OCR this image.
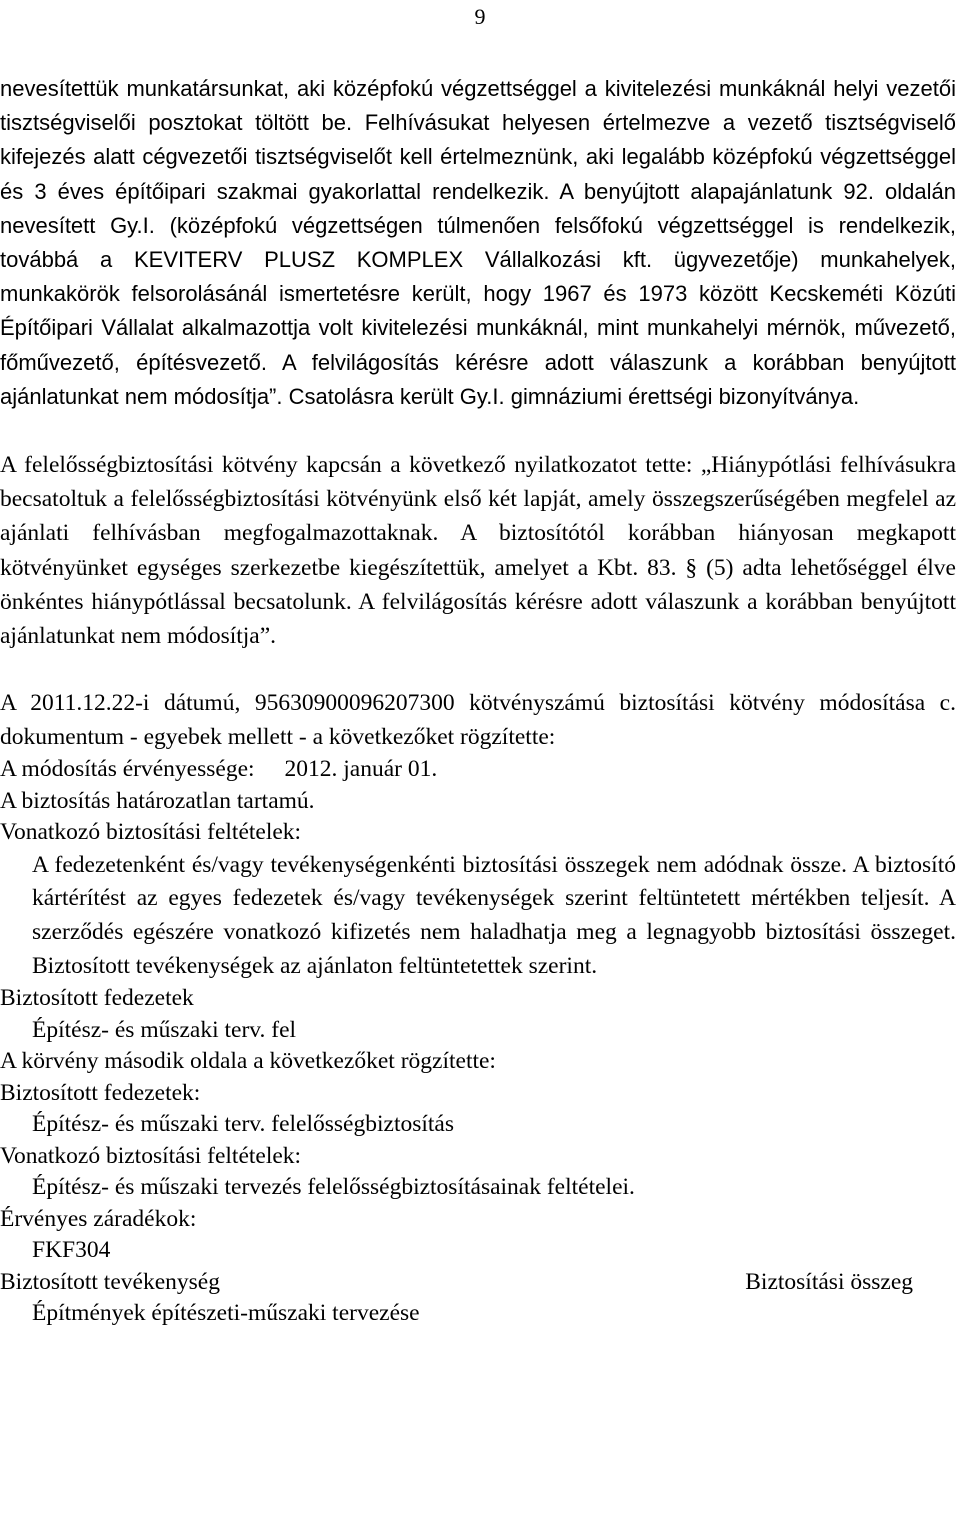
9

nevesítettük munkatársunkat, aki középfokú végzettséggel a kivitelezési munkáknál helyi vezetői tisztségviselői posztokat töltött be. Felhívásukat helyesen értelmezve a vezető tisztségviselő kifejezés alatt cégvezetői tisztségviselőt kell értelmeznünk, aki legalább középfokú végzettséggel és 3 éves építőipari szakmai gyakorlattal rendelkezik. A benyújtott alapajánlatunk 92. oldalán nevesített Gy.I. (középfokú végzettségen túlmenően felsőfokú végzettséggel is rendelkezik, továbbá a KEVITERV PLUSZ KOMPLEX Vállalkozási kft. ügyvezetője) munkahelyek, munkakörök felsorolásánál ismertetésre került, hogy 1967 és 1973 között Kecskeméti Közúti Építőipari Vállalat alkalmazottja volt kivitelezési munkáknál, mint munkahelyi mérnök, művezető, főművezető, építésvezető. A felvilágosítás kérésre adott válaszunk a korábban benyújtott ajánlatunkat nem módosítja”. Csatolásra került Gy.I. gimnáziumi érettségi bizonyítványa.

A felelősségbiztosítási kötvény kapcsán a következő nyilatkozatot tette: „Hiánypótlási felhívásukra becsatoltuk a felelősségbiztosítási kötvényünk első két lapját, amely összegszerűségében megfelel az ajánlati felhívásban megfogalmazottaknak. A biztosítótól korábban hiányosan megkapott kötvényünket egységes szerkezetbe kiegészítettük, amelyet a Kbt. 83. § (5) adta lehetőséggel élve önkéntes hiánypótlással becsatolunk. A felvilágosítás kérésre adott válaszunk a korábban benyújtott ajánlatunkat nem módosítja”.

A 2011.12.22-i dátumú, 95630900096207300 kötvényszámú biztosítási kötvény módosítása c. dokumentum - egyebek mellett - a következőket rögzítette:

A módosítás érvényessége: 2012. január 01.

A biztosítás határozatlan tartamú.

Vonatkozó biztosítási feltételek:

A fedezetenként és/vagy tevékenységenkénti biztosítási összegek nem adódnak össze. A biztosító kártérítést az egyes fedezetek és/vagy tevékenységek szerint feltüntetett mértékben teljesít. A szerződés egészére vonatkozó kifizetés nem haladhatja meg a legnagyobb biztosítási összeget. Biztosított tevékenységek az ajánlaton feltüntetettek szerint.

Biztosított fedezetek

Építész- és műszaki terv. fel

A körvény második oldala a következőket rögzítette:

Biztosított fedezetek:

Építész- és műszaki terv. felelősségbiztosítás

Vonatkozó biztosítási feltételek:

Építész- és műszaki tervezés felelősségbiztosításainak feltételei.

Érvényes záradékok:

FKF304

Biztosított tevékenység	Biztosítási összeg

Építmények építészeti-műszaki tervezése
